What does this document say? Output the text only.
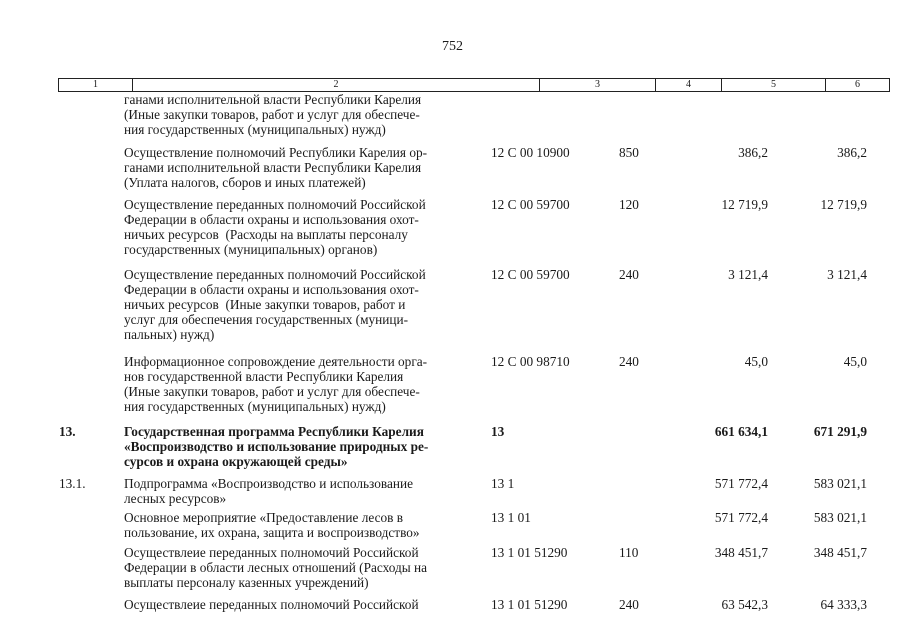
752
1	2	3	4	5	6
ганами исполнительной власти Республики Карелия
(Иные закупки товаров, работ и услуг для обеспече-
ния государственных (муниципальных) нужд)
Осуществление полномочий Республики Карелия ор-
ганами исполнительной власти Республики Карелия
(Уплата налогов, сборов и иных платежей)
12 С 00 10900	850	386,2	386,2
Осуществление переданных полномочий Российской
Федерации в области охраны и использования охот-
ничьих ресурсов  (Расходы на выплаты персоналу
государственных (муниципальных) органов)
12 С 00 59700	120	12 719,9	12 719,9
Осуществление переданных полномочий Российской
Федерации в области охраны и использования охот-
ничьих ресурсов  (Иные закупки товаров, работ и
услуг для обеспечения государственных (муници-
пальных) нужд)
12 С 00 59700	240	3 121,4	3 121,4
Информационное сопровождение деятельности орга-
нов государственной власти Республики Карелия
(Иные закупки товаров, работ и услуг для обеспече-
ния государственных (муниципальных) нужд)
12 С 00 98710	240	45,0	45,0
13.	Государственная программа Республики Карелия
«Воспроизводство и использование природных ре-
сурсов и охрана окружающей среды»
13	661 634,1	671 291,9
13.1.	Подпрограмма «Воспроизводство и использование
лесных ресурсов»
13 1	571 772,4	583 021,1
Основное мероприятие «Предоставление лесов в
пользование, их охрана, защита и воспроизводство»
13 1 01	571 772,4	583 021,1
Осуществлеие переданных полномочий Российской
Федерации в области лесных отношений (Расходы на
выплаты персоналу казенных учреждений)
13 1 01 51290	110	348 451,7	348 451,7
Осуществлеие переданных полномочий Российской	13 1 01 51290	240	63 542,3	64 333,3
